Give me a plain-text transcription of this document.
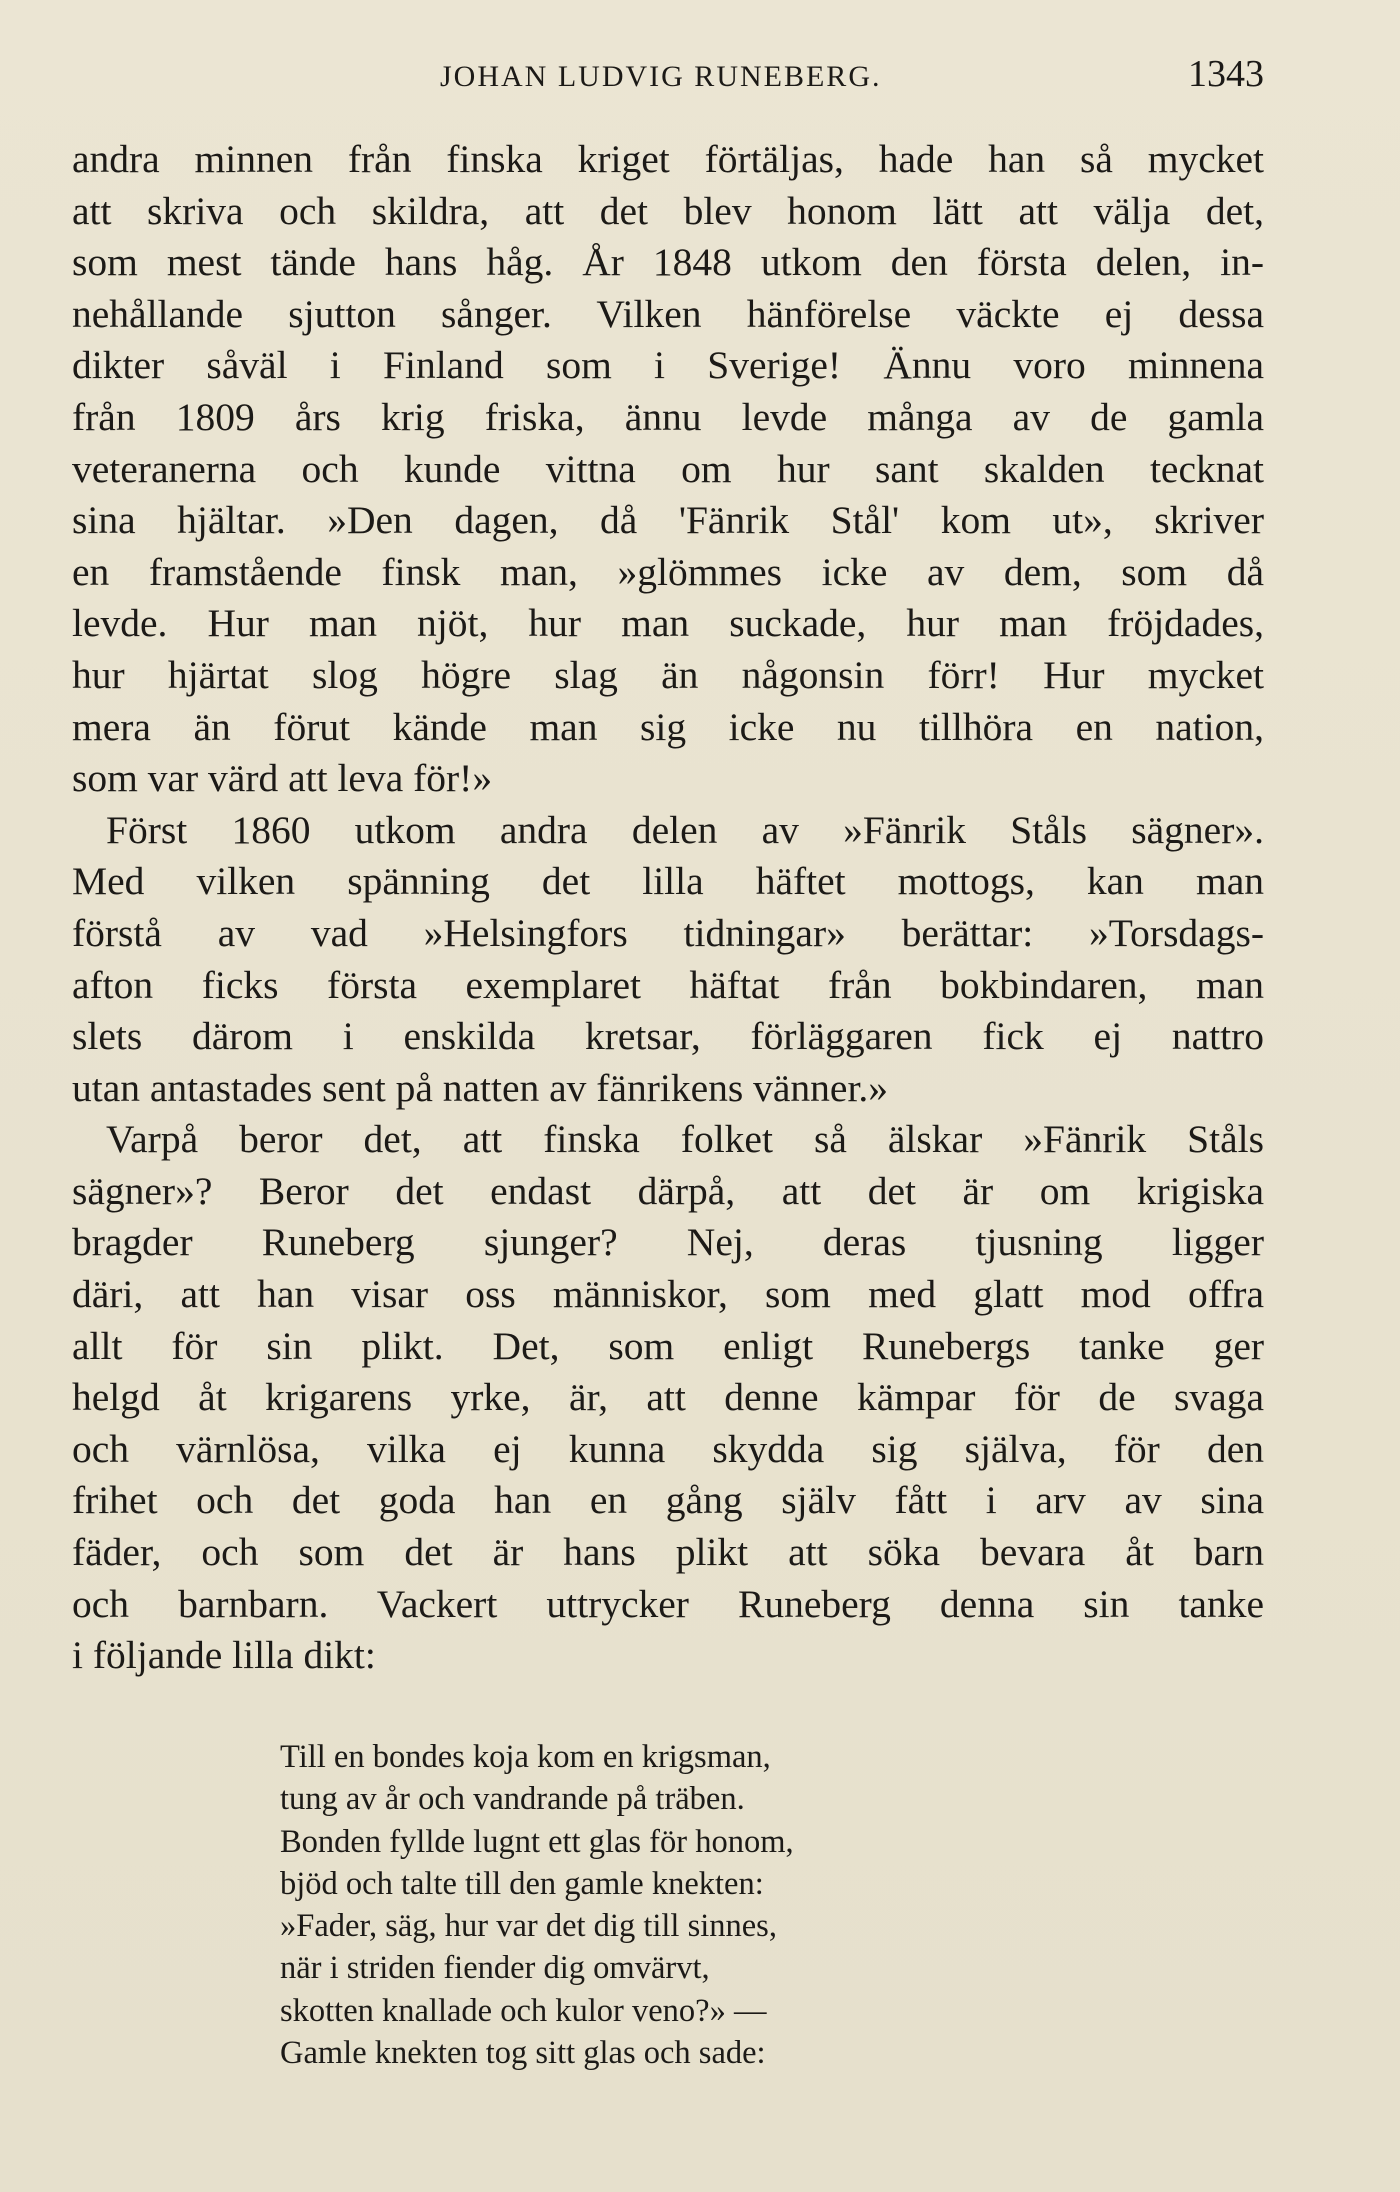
JOHAN LUDVIG RUNEBERG.	1343
andra minnen från finska kriget förtäljas, hade han så mycket
att skriva och skildra, att det blev honom lätt att välja det,
som mest tände hans håg. År 1848 utkom den första delen, in-
nehållande sjutton sånger. Vilken hänförelse väckte ej dessa
dikter såväl i Finland som i Sverige! Ännu voro minnena
från 1809 års krig friska, ännu levde många av de gamla
veteranerna och kunde vittna om hur sant skalden tecknat
sina hjältar. »Den dagen, då 'Fänrik Stål' kom ut», skriver
en framstående finsk man, »glömmes icke av dem, som då
levde. Hur man njöt, hur man suckade, hur man fröjdades,
hur hjärtat slog högre slag än någonsin förr! Hur mycket
mera än förut kände man sig icke nu tillhöra en nation,
som var värd att leva för!»
Först 1860 utkom andra delen av »Fänrik Ståls sägner».
Med vilken spänning det lilla häftet mottogs, kan man
förstå av vad »Helsingfors tidningar» berättar: »Torsdags-
afton ficks första exemplaret häftat från bokbindaren, man
slets därom i enskilda kretsar, förläggaren fick ej nattro
utan antastades sent på natten av fänrikens vänner.»
Varpå beror det, att finska folket så älskar »Fänrik Ståls
sägner»? Beror det endast därpå, att det är om krigiska
bragder Runeberg sjunger? Nej, deras tjusning ligger
däri, att han visar oss människor, som med glatt mod offra
allt för sin plikt. Det, som enligt Runebergs tanke ger
helgd åt krigarens yrke, är, att denne kämpar för de svaga
och värnlösa, vilka ej kunna skydda sig själva, för den
frihet och det goda han en gång själv fått i arv av sina
fäder, och som det är hans plikt att söka bevara åt barn
och barnbarn. Vackert uttrycker Runeberg denna sin tanke
i följande lilla dikt:
Till en bondes koja kom en krigsman,
tung av år och vandrande på träben.
Bonden fyllde lugnt ett glas för honom,
bjöd och talte till den gamle knekten:
»Fader, säg, hur var det dig till sinnes,
när i striden fiender dig omvärvt,
skotten knallade och kulor veno?» —
Gamle knekten tog sitt glas och sade:
